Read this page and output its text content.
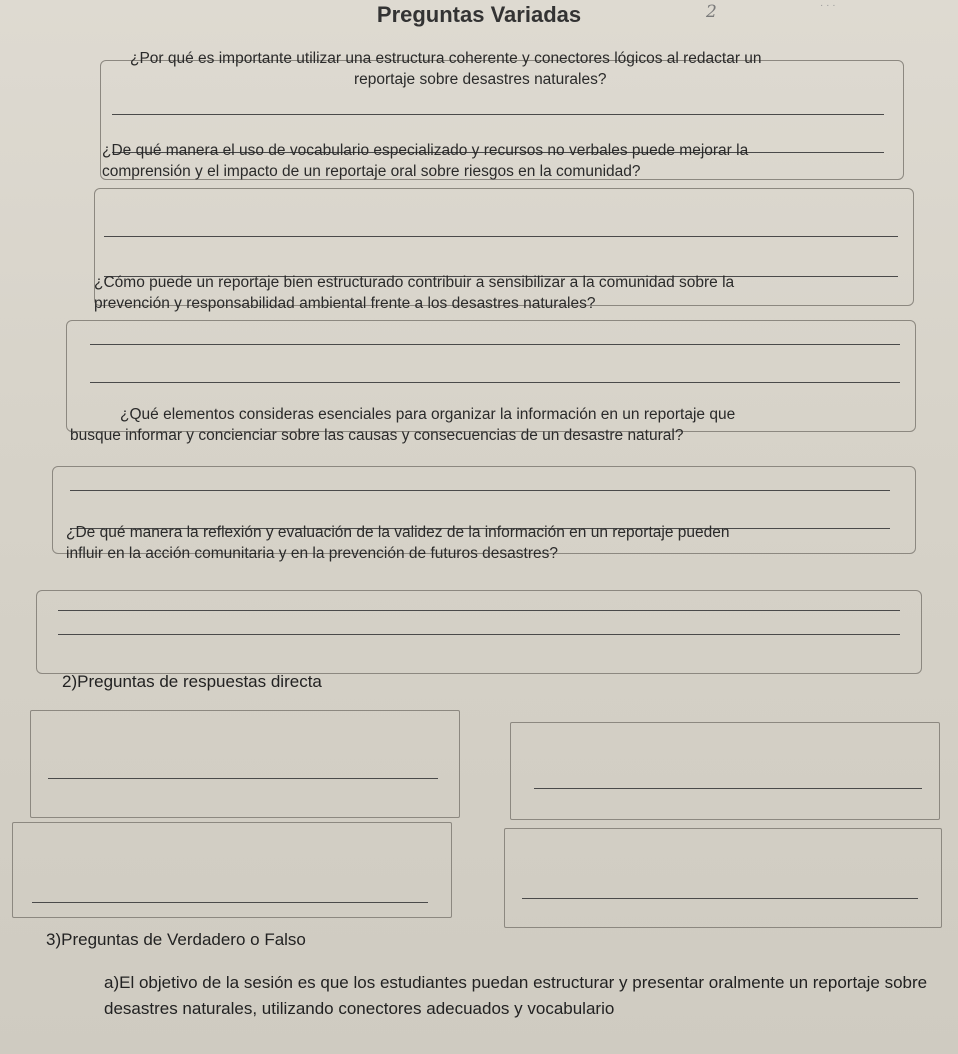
· · ·
Preguntas Variadas	2
¿Por qué es importante utilizar una estructura coherente y conectores lógicos al redactar un
reportaje sobre desastres naturales?
¿De qué manera el uso de vocabulario especializado y recursos no verbales puede mejorar la
comprensión y el impacto de un reportaje oral sobre riesgos en la comunidad?
¿Cómo puede un reportaje bien estructurado contribuir a sensibilizar a la comunidad sobre la
prevención y responsabilidad ambiental frente a los desastres naturales?
¿Qué elementos consideras esenciales para organizar la información en un reportaje que
busque informar y concienciar sobre las causas y consecuencias de un desastre natural?
¿De qué manera la reflexión y evaluación de la validez de la información en un reportaje pueden
influir en la acción comunitaria y en la prevención de futuros desastres?
2)Preguntas de respuestas directa
3)Preguntas de Verdadero o Falso
a)El objetivo de la sesión es que los estudiantes puedan estructurar y presentar oralmente un reportaje sobre desastres naturales, utilizando conectores adecuados y vocabulario
